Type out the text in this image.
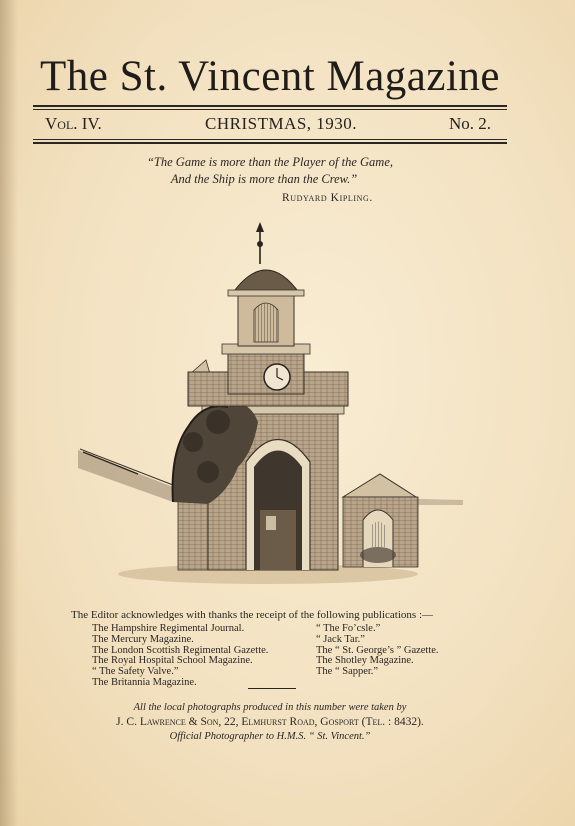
The St. Vincent Magazine
Vol. IV.	CHRISTMAS, 1930.	No. 2.
“The Game is more than the Player of the Game,
And the Ship is more than the Crew.”
Rudyard Kipling.
The Editor acknowledges with thanks the receipt of the following publications :—
The Hampshire Regimental Journal.
The Mercury Magazine.
The London Scottish Regimental Gazette.
The Royal Hospital School Magazine.
“ The Safety Valve.”
The Britannia Magazine.
“ The Fo’csle.”
“ Jack Tar.”
The “ St. George’s ” Gazette.
The Shotley Magazine.
The “ Sapper.”
All the local photographs produced in this number were taken by
J. C. Lawrence & Son, 22, Elmhurst Road, Gosport (Tel. : 8432).
Official Photographer to H.M.S. “ St. Vincent.”
